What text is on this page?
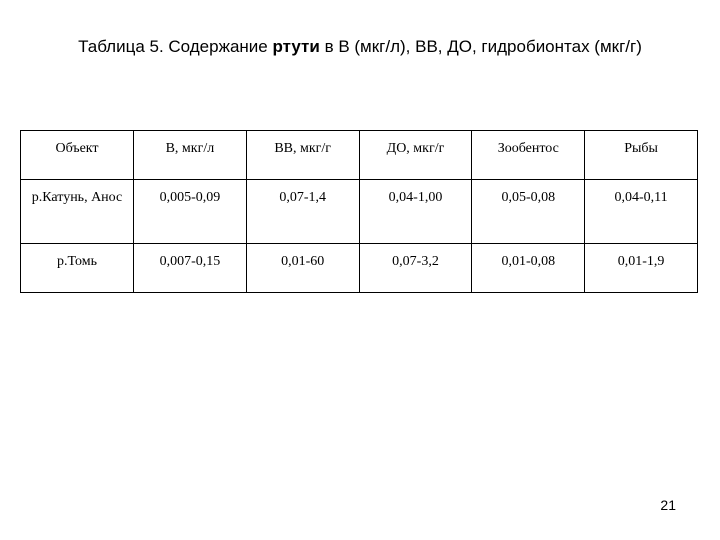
Таблица 5. Содержание ртути в В (мкг/л), ВВ, ДО, гидробионтах (мкг/г)
Объект	В, мкг/л	ВВ, мкг/г	ДО, мкг/г	Зообентос	Рыбы
р.Катунь, Анос	0,005-0,09	0,07-1,4	0,04-1,00	0,05-0,08	0,04-0,11
р.Томь	0,007-0,15	0,01-60	0,07-3,2	0,01-0,08	0,01-1,9
21
